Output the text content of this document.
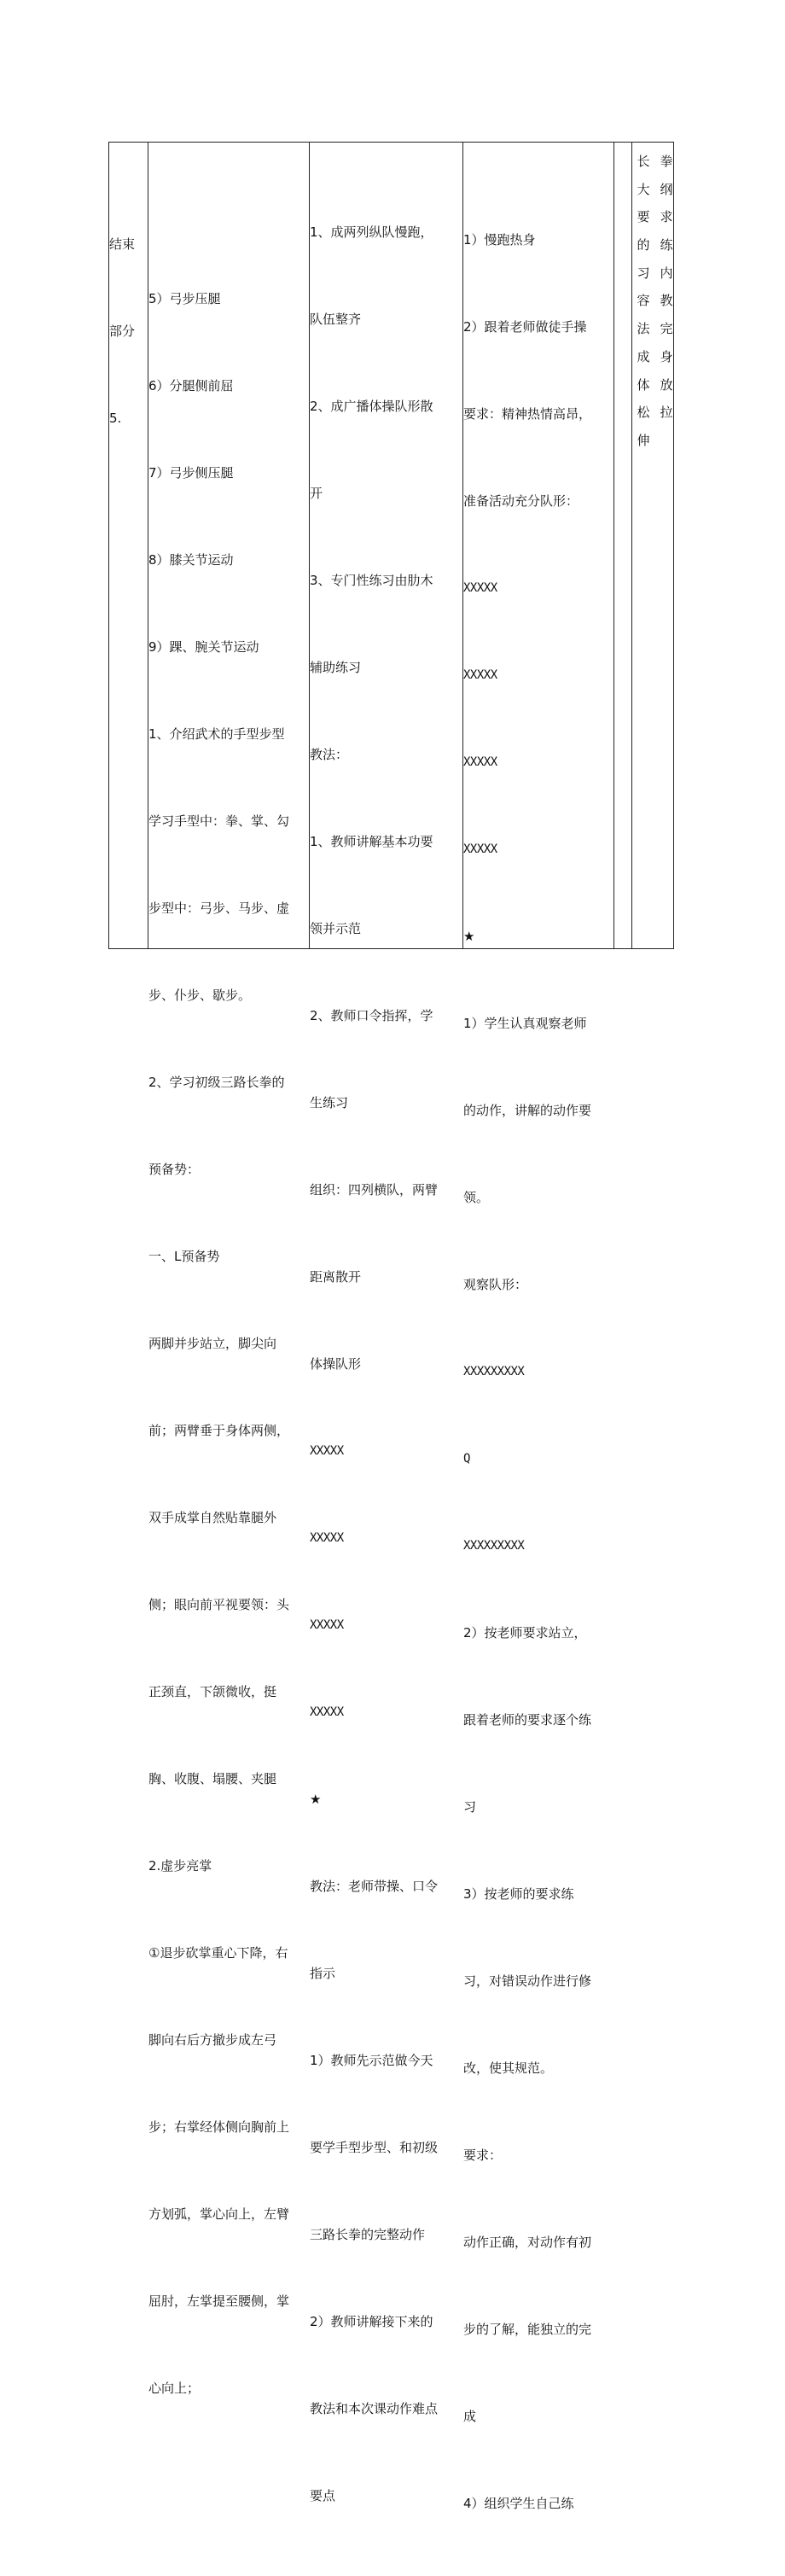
结束

部分

5.

5）弓步压腿

6）分腿侧前屈

7）弓步侧压腿

8）膝关节运动

9）踝、腕关节运动

1、介绍武术的手型步型

学习手型中：拳、掌、勾

步型中：弓步、马步、虚

步、仆步、歇步。

2、学习初级三路长拳的

预备势：

一、L预备势

两脚并步站立，脚尖向

前；两臂垂于身体两侧，

双手成掌自然贴靠腿外

侧；眼向前平视要领：头

正颈直，下颌微收，挺

胸、收腹、塌腰、夹腿

2.虚步亮掌

①退步砍掌重心下降，右

脚向右后方撤步成左弓

步；右掌经体侧向胸前上

方划弧，掌心向上，左臂

屈肘，左掌提至腰侧，掌

心向上；

1、成两列纵队慢跑，

队伍整齐

2、成广播体操队形散

开

3、专门性练习由肋木

辅助练习

教法：

1、教师讲解基本功要

领并示范

2、教师口令指挥，学

生练习

组织：四列横队，两臂

距离散开

体操队形

XXXXX

XXXXX

XXXXX

XXXXX

★

教法：老师带操、口令

指示

1）教师先示范做今天

要学手型步型、和初级

三路长拳的完整动作

2）教师讲解接下来的

教法和本次课动作难点

要点

1）慢跑热身

2）跟着老师做徒手操

要求：精神热情高昂，

准备活动充分队形：

XXXXX

XXXXX

XXXXX

XXXXX

★

1）学生认真观察老师

的动作，讲解的动作要

领。

观察队形：

XXXXXXXXX

Q

XXXXXXXXX

2）按老师要求站立，

跟着老师的要求逐个练

习

3）按老师的要求练

习，对错误动作进行修

改，使其规范。

要求：

动作正确，对动作有初

步的了解，能独立的完

成

4）组织学生自己练

长
大
要
的
习
容
法
成
体
松
伸
拳
纲
求
练
内
教
完
身
放
拉
